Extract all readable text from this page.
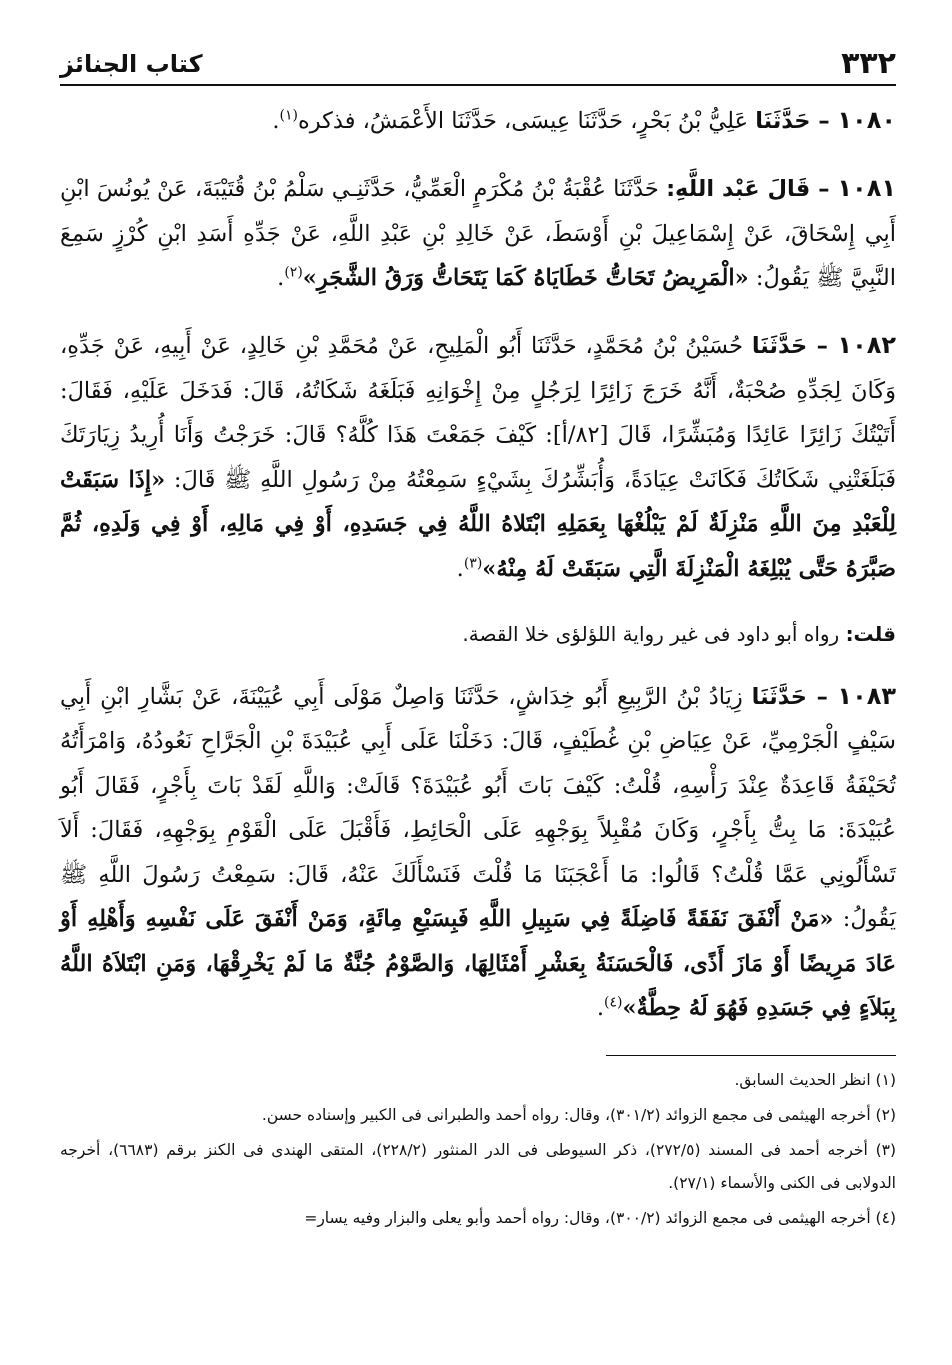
٣٣٢
كتاب الجنائز

١٠٨٠ – حَدَّثَنَا عَلِيُّ بْنُ بَحْرٍ، حَدَّثَنَا عِيسَى، حَدَّثَنَا الأَعْمَشُ، فذكره$^{(١)}$.

١٠٨١ – قَالَ عَبْد اللَّهِ: حَدَّثَنَا عُقْبَةُ بْنُ مُكْرَمٍ الْعَمِّيُّ، حَدَّثَنِـي سَلْمُ بْنُ قُتَيْبَةَ، عَنْ يُونُسَ ابْنِ أَبِي إِسْحَاقَ، عَنْ إِسْمَاعِيلَ بْنِ أَوْسَطَ، عَنْ خَالِدِ بْنِ عَبْدِ اللَّهِ، عَنْ جَدِّهِ أَسَدِ ابْنِ كُرْزٍ سَمِعَ النَّبِيَّ ﷺ يَقُولُ: «الْمَرِيضُ تَحَاتُّ خَطَايَاهُ كَمَا يَتَحَاتُّ وَرَقُ الشَّجَرِ»$^{(٢)}$.

١٠٨٢ – حَدَّثَنَا حُسَيْنُ بْنُ مُحَمَّدٍ، حَدَّثَنَا أَبُو الْمَلِيحِ، عَنْ مُحَمَّدِ بْنِ خَالِدٍ، عَنْ أَبِيهِ، عَنْ جَدِّهِ، وَكَانَ لِجَدِّهِ صُحْبَةٌ، أَنَّهُ خَرَجَ زَائِرًا لِرَجُلٍ مِنْ إِخْوَانِهِ فَبَلَغَهُ شَكَاتُهُ، قَالَ: فَدَخَلَ عَلَيْهِ، فَقَالَ: أَتَيْتُكَ زَائِرًا عَائِدًا وَمُبَشِّرًا، قَالَ [٨٢/أ]: كَيْفَ جَمَعْتَ هَذَا كُلَّهُ؟ قَالَ: خَرَجْتُ وَأَنَا أُرِيدُ زِيَارَتَكَ فَبَلَغَتْنِي شَكَاتُكَ فَكَانَتْ عِيَادَةً، وَأُبَشِّرُكَ بِشَيْءٍ سَمِعْتُهُ مِنْ رَسُولِ اللَّهِ ﷺ قَالَ: «إِذَا سَبَقَتْ لِلْعَبْدِ مِنَ اللَّهِ مَنْزِلَةٌ لَمْ يَبْلُغْهَا بِعَمَلِهِ ابْتَلاهُ اللَّهُ فِي جَسَدِهِ، أَوْ فِي مَالِهِ، أَوْ فِي وَلَدِهِ، ثُمَّ صَبَّرَهُ حَتَّى يُبْلِغَهُ الْمَنْزِلَةَ الَّتِي سَبَقَتْ لَهُ مِنْهُ»$^{(٣)}$.

قلت: رواه أبو داود فى غير رواية اللؤلؤى خلا القصة.

١٠٨٣ – حَدَّثَنَا زِيَادُ بْنُ الرَّبِيعِ أَبُو خِدَاشٍ، حَدَّثَنَا وَاصِلٌ مَوْلَى أَبِي عُيَيْنَةَ، عَنْ بَشَّارِ ابْنِ أَبِي سَيْفٍ الْجَرْمِيِّ، عَنْ عِيَاضِ بْنِ غُطَيْفٍ، قَالَ: دَخَلْنَا عَلَى أَبِي عُبَيْدَةَ بْنِ الْجَرَّاحِ نَعُودُهُ، وَامْرَأَتُهُ تُحَيْفَةُ قَاعِدَةٌ عِنْدَ رَأْسِهِ، قُلْتُ: كَيْفَ بَاتَ أَبُو عُبَيْدَةَ؟ قَالَتْ: وَاللَّهِ لَقَدْ بَاتَ بِأَجْرٍ، فَقَالَ أَبُو عُبَيْدَةَ: مَا بِتُّ بِأَجْرٍ، وَكَانَ مُقْبِلاً بِوَجْهِهِ عَلَى الْحَائِطِ، فَأَقْبَلَ عَلَى الْقَوْمِ بِوَجْهِهِ، فَقَالَ: أَلاَ تَسْأَلُونِي عَمَّا قُلْتُ؟ قَالُوا: مَا أَعْجَبَنَا مَا قُلْتَ فَنَسْأَلَكَ عَنْهُ، قَالَ: سَمِعْتُ رَسُولَ اللَّهِ ﷺ يَقُولُ: «مَنْ أَنْفَقَ نَفَقَةً فَاضِلَةً فِي سَبِيلِ اللَّهِ فَبِسَبْعِ مِائَةٍ، وَمَنْ أَنْفَقَ عَلَى نَفْسِهِ وَأَهْلِهِ أَوْ عَادَ مَرِيضًا أَوْ مَازَ أَذًى، فَالْحَسَنَةُ بِعَشْرِ أَمْثَالِهَا، وَالصَّوْمُ جُنَّةٌ مَا لَمْ يَخْرِقْهَا، وَمَنِ ابْتَلاَهُ اللَّهُ بِبَلاَءٍ فِي جَسَدِهِ فَهُوَ لَهُ حِطَّةٌ»$^{(٤)}$.

(١) انظر الحديث السابق.

(٢) أخرجه الهيثمى فى مجمع الزوائد (٣٠١/٢)، وقال: رواه أحمد والطبرانى فى الكبير وإسناده حسن.

(٣) أخرجه أحمد فى المسند (٢٧٢/٥)، ذكر السيوطى فى الدر المنثور (٢٢٨/٢)، المتقى الهندى فى الكنز برقم (٦٦٨٣)، أخرجه الدولابى فى الكنى والأسماء (٢٧/١).

(٤) أخرجه الهيثمى فى مجمع الزوائد (٣٠٠/٢)، وقال: رواه أحمد وأبو يعلى والبزار وفيه يسار=
